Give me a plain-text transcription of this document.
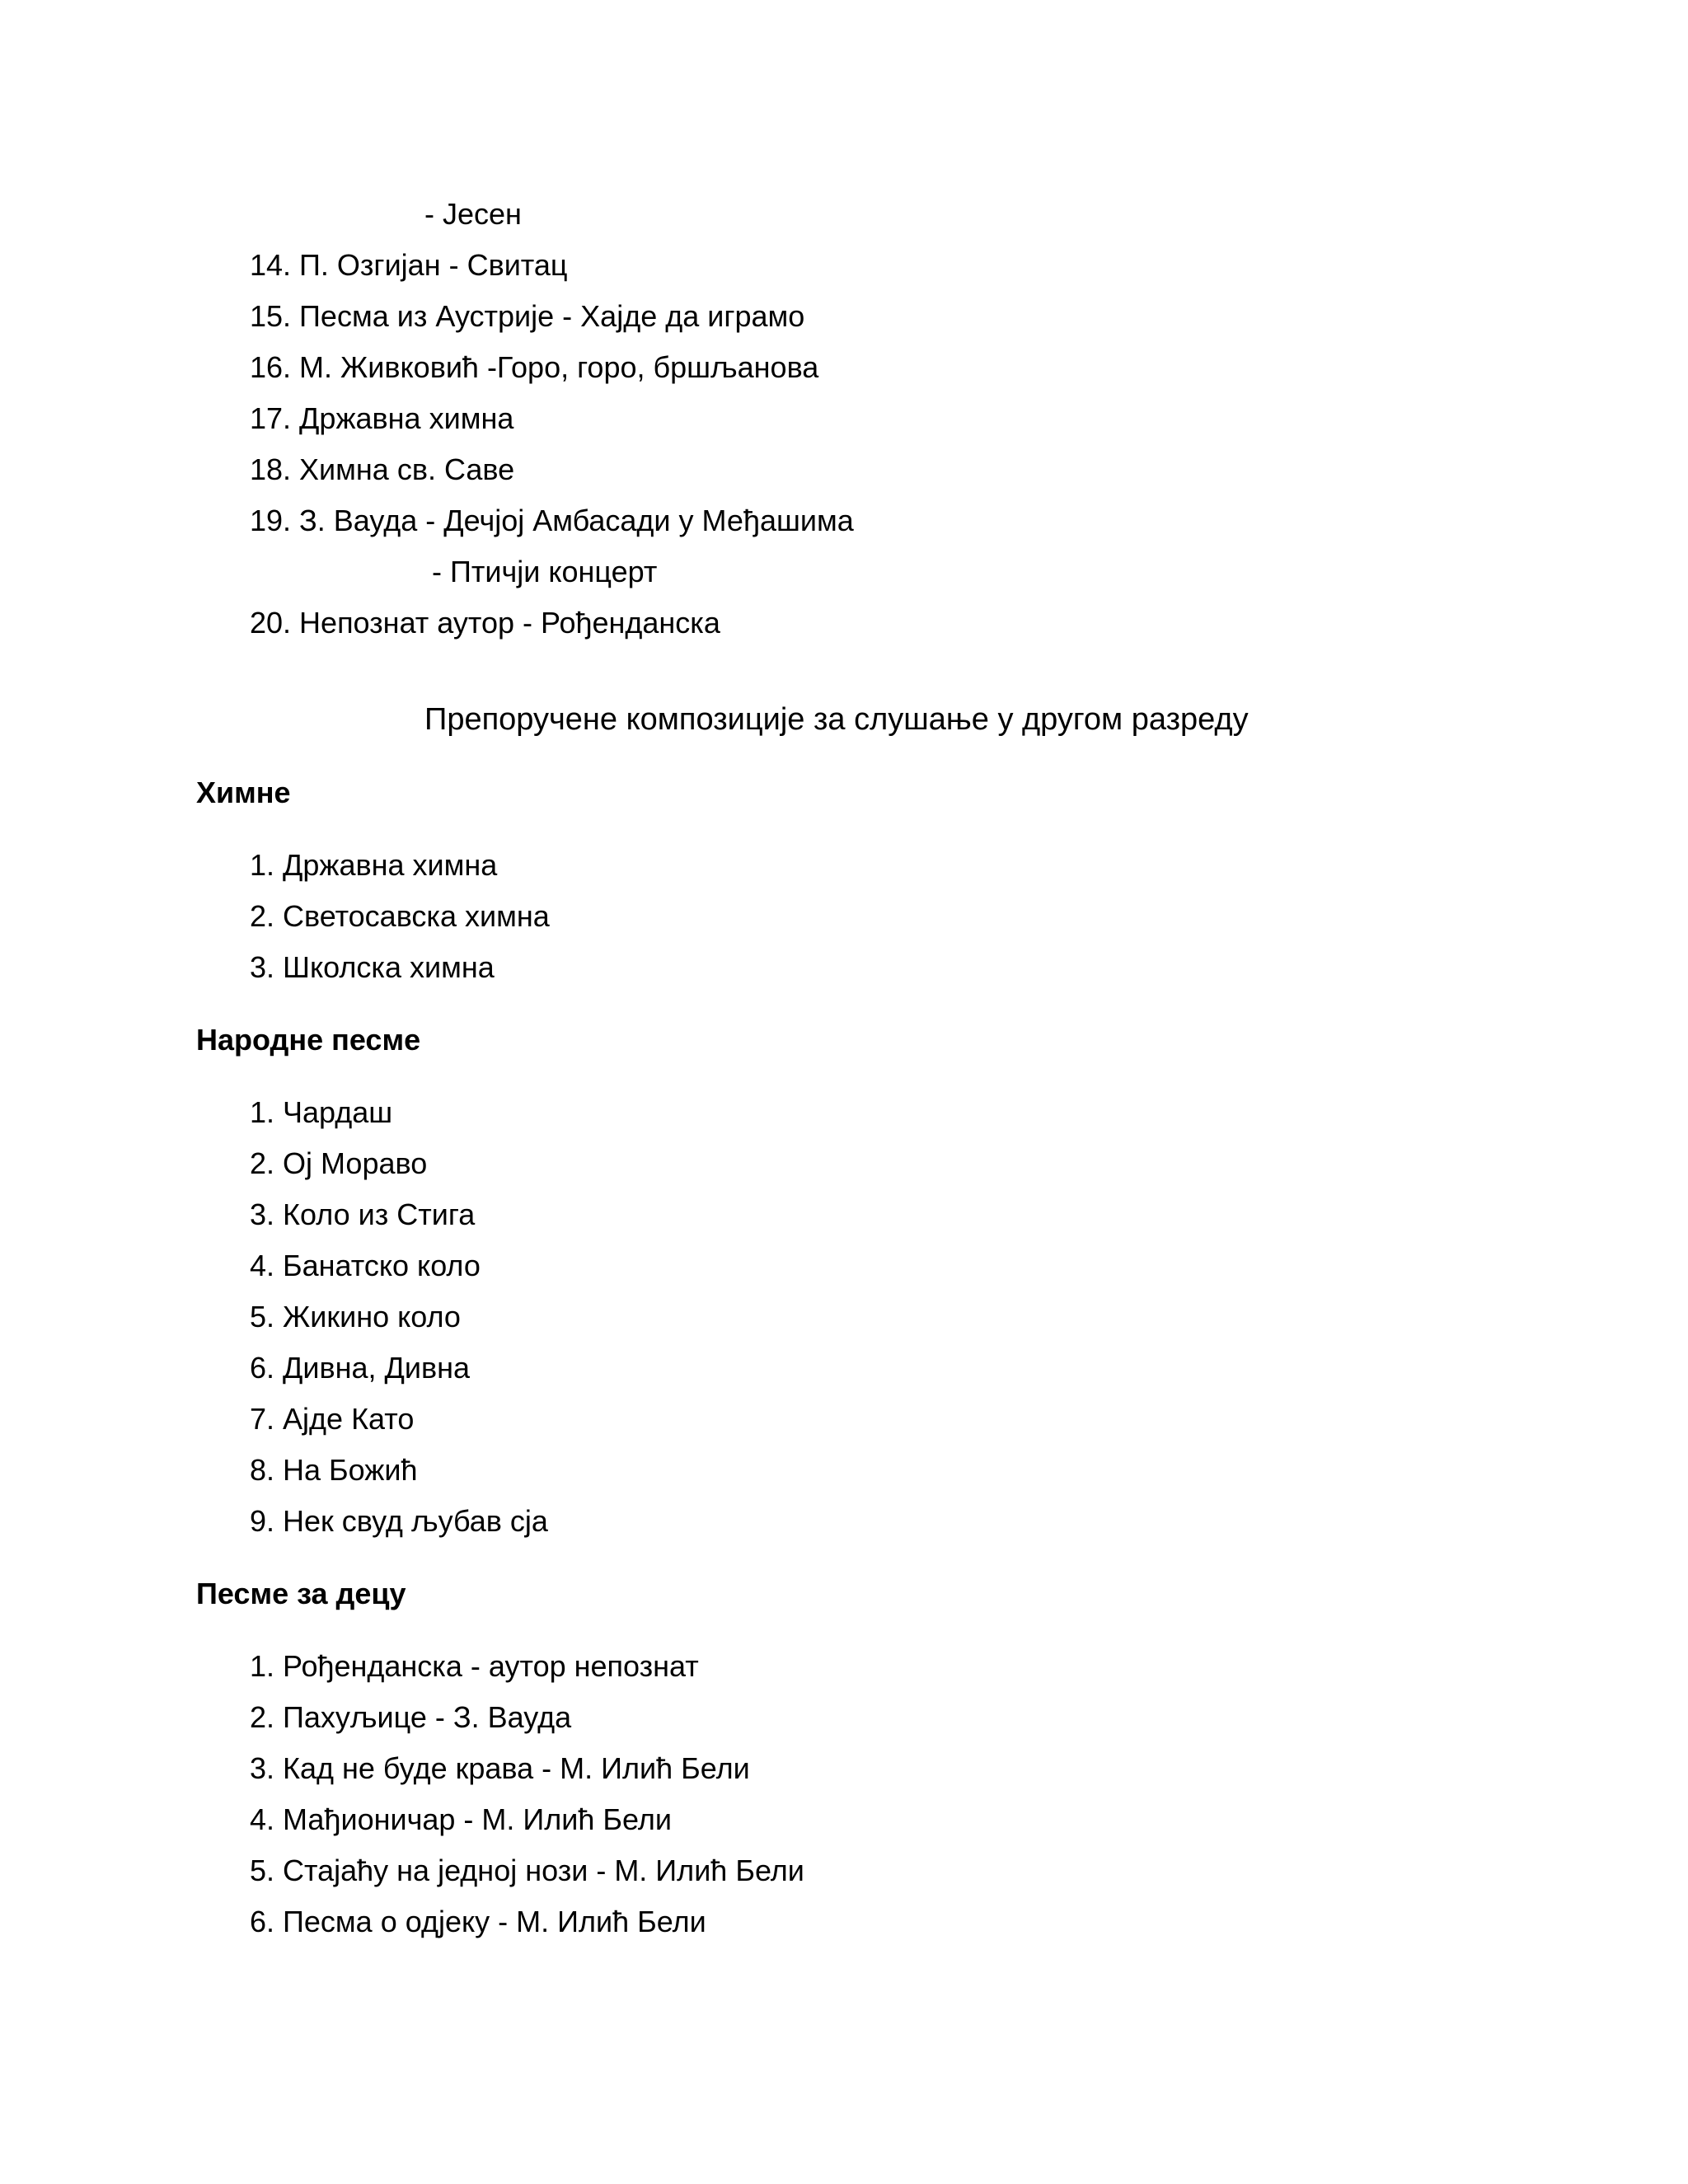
- Јесен
14. П. Озгијан - Свитац
15. Песма из Аустрије - Хајде да играмо
16. М. Живковић -Горо, горо, бршљанова
17. Државна химна
18. Химна св. Саве
19. З. Вауда - Дечјој Амбасади у Међашима
- Птичји концерт
20. Непознат аутор - Рођенданска
Препоручене композиције за слушање у другом разреду
Химне
1. Државна химна
2. Светосавска химна
3. Школска химна
Народне песме
1. Чардаш
2. Ој Мораво
3. Коло из Стига
4. Банатско коло
5. Жикино коло
6. Дивна, Дивна
7. Ајде Като
8. На Божић
9. Нек свуд љубав сја
Песме за децу
1. Рођенданска - аутор непознат
2. Пахуљице - З. Вауда
3. Кад не буде крава - М. Илић Бели
4. Мађионичар - М. Илић Бели
5. Стајаћу на једној нози - М. Илић Бели
6. Песма о одјеку - М. Илић Бели
